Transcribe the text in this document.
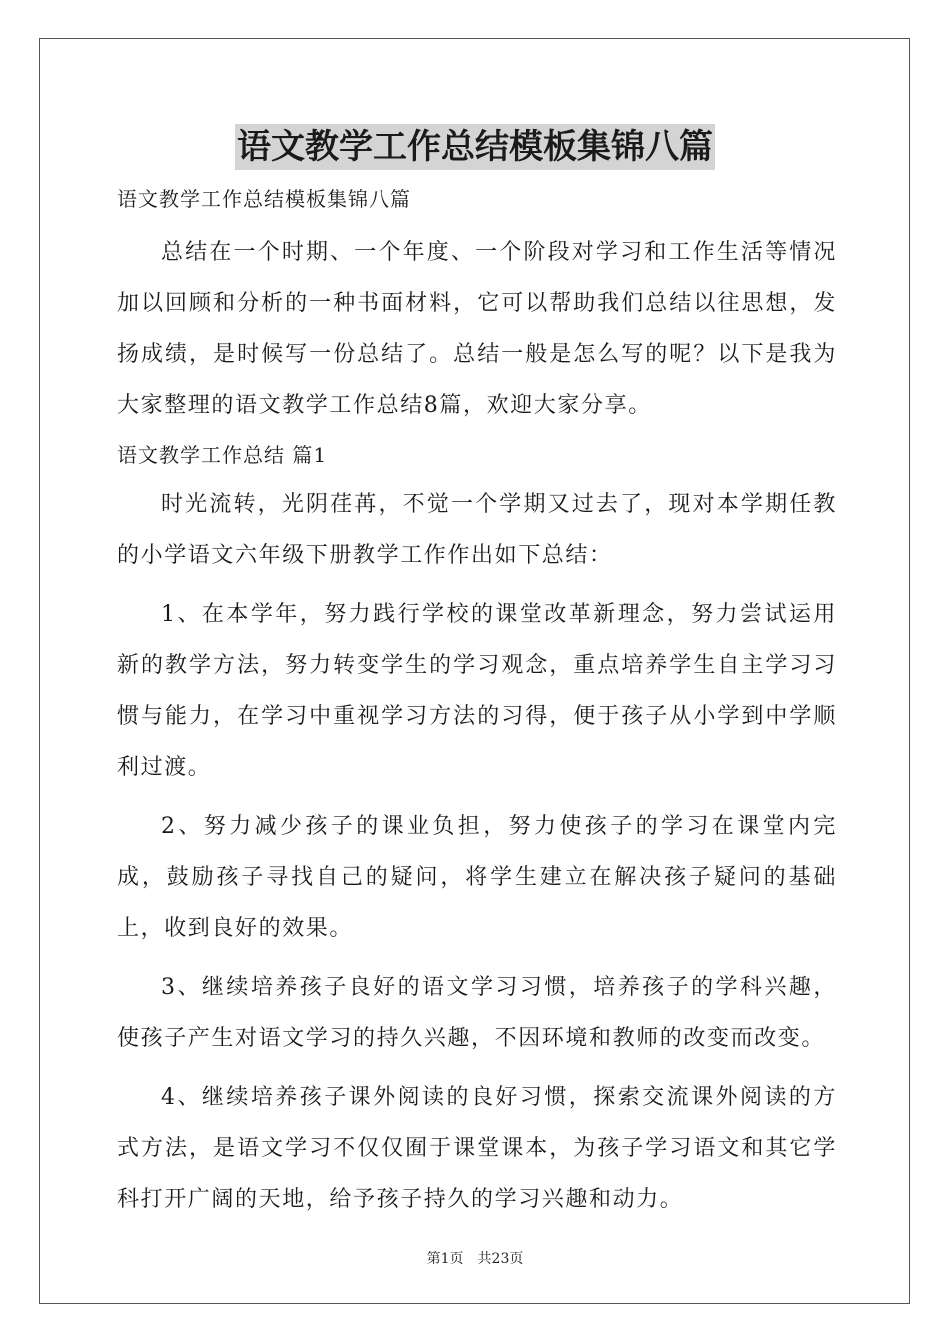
语文教学工作总结模板集锦八篇

语文教学工作总结模板集锦八篇

总结在一个时期、一个年度、一个阶段对学习和工作生活等情况加以回顾和分析的一种书面材料，它可以帮助我们总结以往思想，发扬成绩，是时候写一份总结了。总结一般是怎么写的呢？以下是我为大家整理的语文教学工作总结8篇，欢迎大家分享。

语文教学工作总结 篇1

时光流转，光阴荏苒，不觉一个学期又过去了，现对本学期任教的小学语文六年级下册教学工作作出如下总结：

1、在本学年，努力践行学校的课堂改革新理念，努力尝试运用新的教学方法，努力转变学生的学习观念，重点培养学生自主学习习惯与能力，在学习中重视学习方法的习得，便于孩子从小学到中学顺利过渡。

2、努力减少孩子的课业负担，努力使孩子的学习在课堂内完成，鼓励孩子寻找自己的疑问，将学生建立在解决孩子疑问的基础上，收到良好的效果。

3、继续培养孩子良好的语文学习习惯，培养孩子的学科兴趣，使孩子产生对语文学习的持久兴趣，不因环境和教师的改变而改变。

4、继续培养孩子课外阅读的良好习惯，探索交流课外阅读的方式方法，是语文学习不仅仅囿于课堂课本，为孩子学习语文和其它学科打开广阔的天地，给予孩子持久的学习兴趣和动力。

第1页　共23页
